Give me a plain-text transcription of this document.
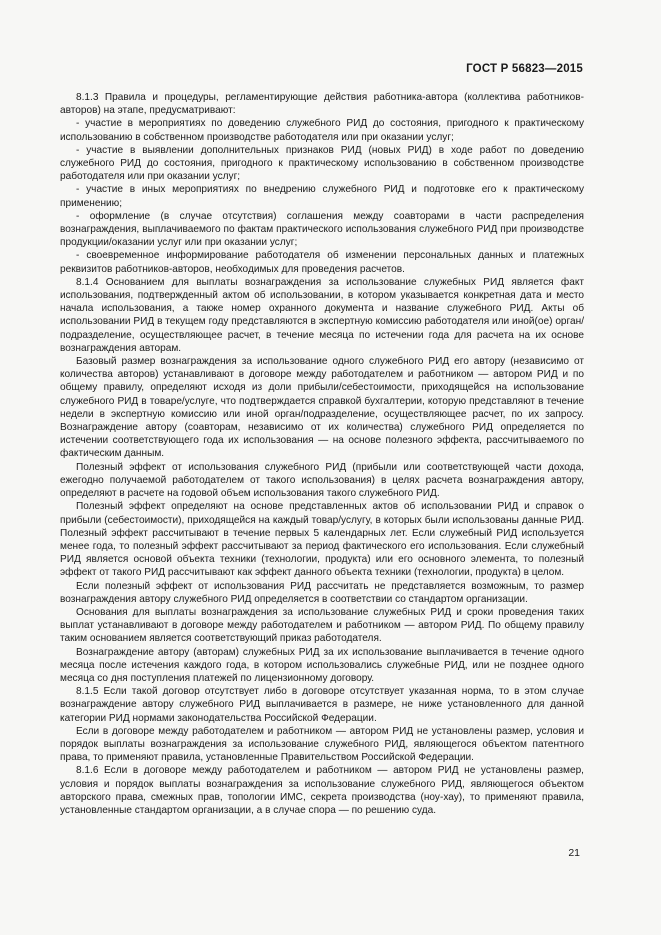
ГОСТ Р 56823—2015

8.1.3 Правила и процедуры, регламентирующие действия работника-автора (коллектива работников-авторов) на этапе, предусматривают:

- участие в мероприятиях по доведению служебного РИД до состояния, пригодного к практическому использованию в собственном производстве работодателя или при оказании услуг;

- участие в выявлении дополнительных признаков РИД (новых РИД) в ходе работ по доведению служебного РИД до состояния, пригодного к практическому использованию в собственном производстве работодателя или при оказании услуг;

- участие в иных мероприятиях по внедрению служебного РИД и подготовке его к практическому применению;

- оформление (в случае отсутствия) соглашения между соавторами в части распределения вознаграждения, выплачиваемого по фактам практического использования служебного РИД при производстве продукции/оказании услуг или при оказании услуг;

- своевременное информирование работодателя об изменении персональных данных и платежных реквизитов работников-авторов, необходимых для проведения расчетов.

8.1.4 Основанием для выплаты вознаграждения за использование служебных РИД является факт использования, подтвержденный актом об использовании, в котором указывается конкретная дата и место начала использования, а также номер охранного документа и название служебного РИД. Акты об использовании РИД в текущем году представляются в экспертную комиссию работодателя или иной(ое) орган/подразделение, осуществляющее расчет, в течение месяца по истечении года для расчета на их основе вознаграждения авторам.

Базовый размер вознаграждения за использование одного служебного РИД его автору (независимо от количества авторов) устанавливают в договоре между работодателем и работником — автором РИД и по общему правилу, определяют исходя из доли прибыли/себестоимости, приходящейся на использование служебного РИД в товаре/услуге, что подтверждается справкой бухгалтерии, которую представляют в течение недели в экспертную комиссию или иной орган/подразделение, осуществляющее расчет, по их запросу. Вознаграждение автору (соавторам, независимо от их количества) служебного РИД определяется по истечении соответствующего года их использования — на основе полезного эффекта, рассчитываемого по фактическим данным.

Полезный эффект от использования служебного РИД (прибыли или соответствующей части дохода, ежегодно получаемой работодателем от такого использования) в целях расчета вознаграждения автору, определяют в расчете на годовой объем использования такого служебного РИД.

Полезный эффект определяют на основе представленных актов об использовании РИД и справок о прибыли (себестоимости), приходящейся на каждый товар/услугу, в которых были использованы данные РИД. Полезный эффект рассчитывают в течение первых 5 календарных лет. Если служебный РИД используется менее года, то полезный эффект рассчитывают за период фактического его использования. Если служебный РИД является основой объекта техники (технологии, продукта) или его основного элемента, то полезный эффект от такого РИД рассчитывают как эффект данного объекта техники (технологии, продукта) в целом.

Если полезный эффект от использования РИД рассчитать не представляется возможным, то размер вознаграждения автору служебного РИД определяется в соответствии со стандартом организации.

Основания для выплаты вознаграждения за использование служебных РИД и сроки проведения таких выплат устанавливают в договоре между работодателем и работником — автором РИД. По общему правилу таким основанием является соответствующий приказ работодателя.

Вознаграждение автору (авторам) служебных РИД за их использование выплачивается в течение одного месяца после истечения каждого года, в котором использовались служебные РИД, или не позднее одного месяца со дня поступления платежей по лицензионному договору.

8.1.5 Если такой договор отсутствует либо в договоре отсутствует указанная норма, то в этом случае вознаграждение автору служебного РИД выплачивается в размере, не ниже установленного для данной категории РИД нормами законодательства Российской Федерации.

Если в договоре между работодателем и работником — автором РИД не установлены размер, условия и порядок выплаты вознаграждения за использование служебного РИД, являющегося объектом патентного права, то применяют правила, установленные Правительством Российской Федерации.

8.1.6 Если в договоре между работодателем и работником — автором РИД не установлены размер, условия и порядок выплаты вознаграждения за использование служебного РИД, являющегося объектом авторского права, смежных прав, топологии ИМС, секрета производства (ноу-хау), то применяют правила, установленные стандартом организации, а в случае спора — по решению суда.

21
